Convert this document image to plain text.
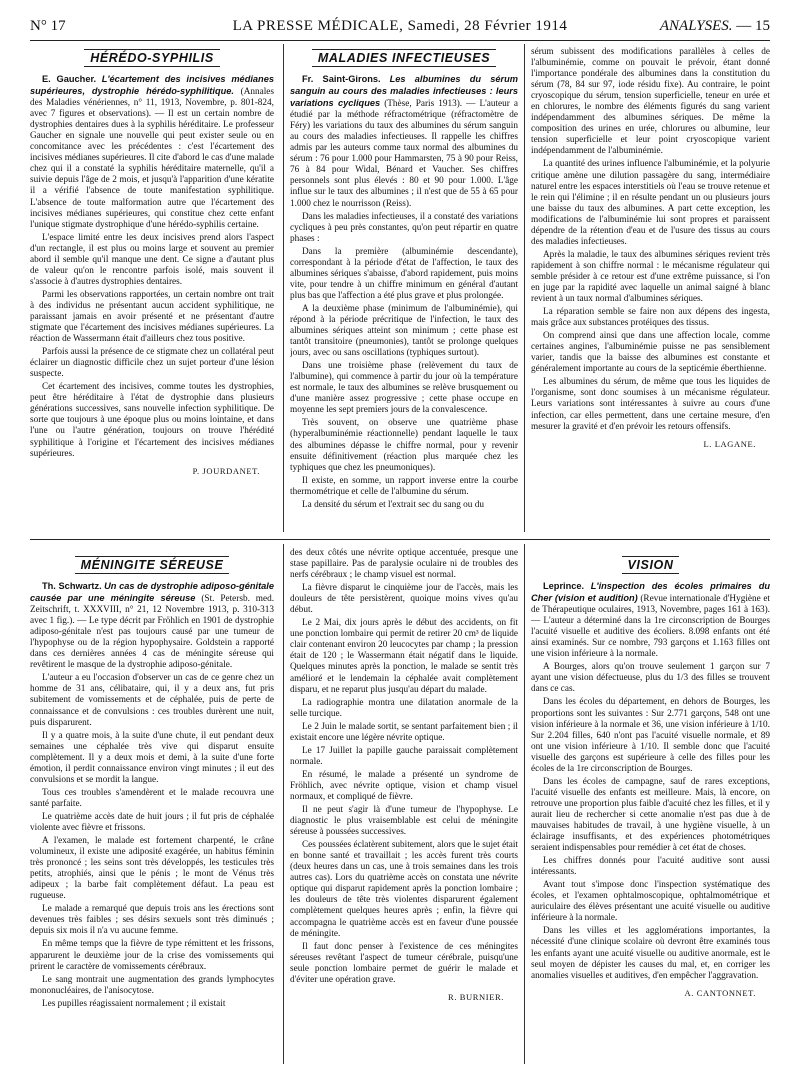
N° 17	LA PRESSE MÉDICALE, Samedi, 28 Février 1914	ANALYSES. — 15
HÉRÉDO-SYPHILIS

E. Gaucher. L'écartement des incisives médianes supérieures, dystrophie hérédo-syphilitique. (Annales des Maladies vénériennes, n° 11, 1913, Novembre, p. 801-824, avec 7 figures et observations). — Il est un certain nombre de dystrophies dentaires dues à la syphilis héréditaire. Le professeur Gaucher en signale une nouvelle qui peut exister seule ou en concomitance avec les précédentes : c'est l'écartement des incisives médianes supérieures. Il cite d'abord le cas d'une malade chez qui il a constaté la syphilis héréditaire maternelle, qu'il a suivie depuis l'âge de 2 mois, et jusqu'à l'apparition d'une kératite il a vérifié l'absence de toute manifestation syphilitique. L'absence de toute malformation autre que l'écartement des incisives médianes supérieures, qui constitue chez cette enfant l'unique stigmate dystrophique d'une hérédo-syphilis certaine.

L'espace limité entre les deux incisives prend alors l'aspect d'un rectangle, il est plus ou moins large et souvent au premier abord il semble qu'il manque une dent. Ce signe a d'autant plus de valeur qu'on le rencontre parfois isolé, mais souvent il s'associe à d'autres dystrophies dentaires.

Parmi les observations rapportées, un certain nombre ont trait à des individus ne présentant aucun accident syphilitique, ne paraissant jamais en avoir présenté et ne présentant d'autre stigmate que l'écartement des incisives médianes supérieures. La réaction de Wassermann était d'ailleurs chez tous positive.

Parfois aussi la présence de ce stigmate chez un collatéral peut éclairer un diagnostic difficile chez un sujet porteur d'une lésion suspecte.

Cet écartement des incisives, comme toutes les dystrophies, peut être héréditaire à l'état de dystrophie dans plusieurs générations successives, sans nouvelle infection syphilitique. De sorte que toujours à une époque plus ou moins lointaine, et dans l'une ou l'autre génération, toujours on trouve l'hérédité syphilitique à l'origine et l'écartement des incisives médianes supérieures.

P. JOURDANET.

MALADIES INFECTIEUSES

Fr. Saint-Girons. Les albumines du sérum sanguin au cours des maladies infectieuses : leurs variations cycliques (Thèse, Paris 1913). — L'auteur a étudié par la méthode réfractométrique (réfractomètre de Féry) les variations du taux des albumines du sérum sanguin au cours des maladies infectieuses. Il rappelle les chiffres admis par les auteurs comme taux normal des albumines du sérum : 76 pour 1.000 pour Hammarsten, 75 à 90 pour Reiss, 76 à 84 pour Widal, Bénard et Vaucher. Ses chiffres personnels sont plus élevés : 80 et 90 pour 1.000. L'âge influe sur le taux des albumines ; il n'est que de 55 à 65 pour 1.000 chez le nourrisson (Reiss).

Dans les maladies infectieuses, il a constaté des variations cycliques à peu près constantes, qu'on peut répartir en quatre phases :

Dans la première (albuminémie descendante), correspondant à la période d'état de l'affection, le taux des albumines sériques s'abaisse, d'abord rapidement, puis moins vite, pour tendre à un chiffre minimum en général d'autant plus bas que l'affection a été plus grave et plus prolongée.

A la deuxième phase (minimum de l'albuminémie), qui répond à la période précritique de l'infection, le taux des albumines sériques atteint son minimum ; cette phase est tantôt transitoire (pneumonies), tantôt se prolonge quelques jours, avec ou sans oscillations (typhiques surtout).

Dans une troisième phase (relèvement du taux de l'albumine), qui commence à partir du jour où la température est normale, le taux des albumines se relève brusquement ou d'une manière assez progressive ; cette phase occupe en moyenne les sept premiers jours de la convalescence.

Très souvent, on observe une quatrième phase (hyperalbuminémie réactionnelle) pendant laquelle le taux des albumines dépasse le chiffre normal, pour y revenir ensuite définitivement (réaction plus marquée chez les typhiques que chez les pneumoniques).

Il existe, en somme, un rapport inverse entre la courbe thermométrique et celle de l'albumine du sérum.

La densité du sérum et l'extrait sec du sang ou du

sérum subissent des modifications parallèles à celles de l'albuminémie, comme on pouvait le prévoir, étant donné l'importance pondérale des albumines dans la constitution du sérum (78, 84 sur 97, iode résidu fixe). Au contraire, le point cryoscopique du sérum, tension superficielle, teneur en urée et en chlorures, le nombre des éléments figurés du sang varient indépendamment des albumines sériques. De même la composition des urines en urée, chlorures ou albumine, leur tension superficielle et leur point cryoscopique varient indépendamment de l'albuminémie.

La quantité des urines influence l'albuminémie, et la polyurie critique amène une dilution passagère du sang, intermédiaire naturel entre les espaces interstitiels où l'eau se trouve retenue et le rein qui l'élimine ; il en résulte pendant un ou plusieurs jours une baisse du taux des albumines. A part cette exception, les modifications de l'albuminémie lui sont propres et paraissent dépendre de la rétention d'eau et de l'usure des tissus au cours des maladies infectieuses.

Après la maladie, le taux des albumines sériques revient très rapidement à son chiffre normal : le mécanisme régulateur qui semble présider à ce retour est d'une extrême puissance, si l'on en juge par la rapidité avec laquelle un animal saigné à blanc revient à un taux normal d'albumines sériques.

La réparation semble se faire non aux dépens des ingesta, mais grâce aux substances protéiques des tissus.

On comprend ainsi que dans une affection locale, comme certaines angines, l'albuminémie puisse ne pas sensiblement varier, tandis que la baisse des albumines est constante et généralement importante au cours de la septicémie éberthienne.

Les albumines du sérum, de même que tous les liquides de l'organisme, sont donc soumises à un mécanisme régulateur. Leurs variations sont intéressantes à suivre au cours d'une infection, car elles permettent, dans une certaine mesure, d'en mesurer la gravité et d'en prévoir les retours offensifs.

L. LAGANE.

MÉNINGITE SÉREUSE

Th. Schwartz. Un cas de dystrophie adiposo-génitale causée par une méningite séreuse (St. Petersb. med. Zeitschrift, t. XXXVIII, n° 21, 12 Novembre 1913, p. 310-313 avec 1 fig.). — Le type décrit par Fröhlich en 1901 de dystrophie adiposo-génitale n'est pas toujours causé par une tumeur de l'hypophyse ou de la région hypophysaire. Goldstein a rapporté dans ces dernières années 4 cas de méningite séreuse qui revêtirent le masque de la dystrophie adiposo-génitale.

L'auteur a eu l'occasion d'observer un cas de ce genre chez un homme de 31 ans, célibataire, qui, il y a deux ans, fut pris subitement de vomissements et de céphalée, puis de perte de connaissance et de convulsions : ces troubles durèrent une nuit, puis disparurent.

Il y a quatre mois, à la suite d'une chute, il eut pendant deux semaines une céphalée très vive qui disparut ensuite complètement. Il y a deux mois et demi, à la suite d'une forte émotion, il perdit connaissance environ vingt minutes ; il eut des convulsions et se mordit la langue.

Tous ces troubles s'amendèrent et le malade recouvra une santé parfaite.

Le quatrième accès date de huit jours ; il fut pris de céphalée violente avec fièvre et frissons.

A l'examen, le malade est fortement charpenté, le crâne volumineux, il existe une adiposité exagérée, un habitus féminin très prononcé ; les seins sont très développés, les testicules très petits, atrophiés, ainsi que le pénis ; le mont de Vénus très adipeux ; la barbe fait complètement défaut. La peau est rugueuse.

Le malade a remarqué que depuis trois ans les érections sont devenues très faibles ; ses désirs sexuels sont très diminués ; depuis six mois il n'a vu aucune femme.

En même temps que la fièvre de type rémittent et les frissons, apparurent le deuxième jour de la crise des vomissements qui prirent le caractère de vomissements cérébraux.

Le sang montrait une augmentation des grands lymphocytes mononucléaires, de l'anisocytose.

Les pupilles réagissaient normalement ; il existait

des deux côtés une névrite optique accentuée, presque une stase papillaire. Pas de paralysie oculaire ni de troubles des nerfs cérébraux ; le champ visuel est normal.

La fièvre disparut le cinquième jour de l'accès, mais les douleurs de tête persistèrent, quoique moins vives qu'au début.

Le 2 Mai, dix jours après le début des accidents, on fit une ponction lombaire qui permit de retirer 20 cm³ de liquide clair contenant environ 20 leucocytes par champ ; la pression était de 120 ; le Wassermann était négatif dans le liquide. Quelques minutes après la ponction, le malade se sentit très amélioré et le lendemain la céphalée avait complètement disparu, et ne reparut plus jusqu'au départ du malade.

La radiographie montra une dilatation anormale de la selle turcique.

Le 2 Juin le malade sortit, se sentant parfaitement bien ; il existait encore une légère névrite optique.

Le 17 Juillet la papille gauche paraissait complètement normale.

En résumé, le malade a présenté un syndrome de Fröhlich, avec névrite optique, vision et champ visuel normaux, et compliqué de fièvre.

Il ne peut s'agir là d'une tumeur de l'hypophyse. Le diagnostic le plus vraisemblable est celui de méningite séreuse à poussées successives.

Ces poussées éclatèrent subitement, alors que le sujet était en bonne santé et travaillait ; les accès furent très courts (deux heures dans un cas, une à trois semaines dans les trois autres cas). Lors du quatrième accès on constata une névrite optique qui disparut rapidement après la ponction lombaire ; les douleurs de tête très violentes disparurent également complètement quelques heures après ; enfin, la fièvre qui accompagna le quatrième accès est en faveur d'une poussée de méningite.

Il faut donc penser à l'existence de ces méningites séreuses revêtant l'aspect de tumeur cérébrale, puisqu'une seule ponction lombaire permet de guérir le malade et d'éviter une opération grave.

R. BURNIER.

VISION

Leprince. L'inspection des écoles primaires du Cher (vision et audition) (Revue internationale d'Hygiène et de Thérapeutique oculaires, 1913, Novembre, pages 161 à 163). — L'auteur a déterminé dans la 1re circonscription de Bourges l'acuité visuelle et auditive des écoliers. 8.098 enfants ont été ainsi examinés. Sur ce nombre, 793 garçons et 1.163 filles ont une vision inférieure à la normale.

A Bourges, alors qu'on trouve seulement 1 garçon sur 7 ayant une vision défectueuse, plus du 1/3 des filles se trouvent dans ce cas.

Dans les écoles du département, en dehors de Bourges, les proportions sont les suivantes : Sur 2.771 garçons, 548 ont une vision inférieure à la normale et 36, une vision inférieure à 1/10. Sur 2.204 filles, 640 n'ont pas l'acuité visuelle normale, et 89 ont une vision inférieure à 1/10. Il semble donc que l'acuité visuelle des garçons est supérieure à celle des filles pour les écoles de la 1re circonscription de Bourges.

Dans les écoles de campagne, sauf de rares exceptions, l'acuité visuelle des enfants est meilleure. Mais, là encore, on retrouve une proportion plus faible d'acuité chez les filles, et il y aurait lieu de rechercher si cette anomalie n'est pas due à de mauvaises habitudes de travail, à une hygiène visuelle, à un éclairage insuffisants, et des expériences photométriques seraient indispensables pour remédier à cet état de choses.

Les chiffres donnés pour l'acuité auditive sont aussi intéressants.

Avant tout s'impose donc l'inspection systématique des écoles, et l'examen ophtalmoscopique, ophtalmométrique et auriculaire des élèves présentant une acuité visuelle ou auditive inférieure à la normale.

Dans les villes et les agglomérations importantes, la nécessité d'une clinique scolaire où devront être examinés tous les enfants ayant une acuité visuelle ou auditive anormale, est le seul moyen de dépister les causes du mal, et, en corriger les anomalies visuelles et auditives, d'en empêcher l'aggravation.

A. CANTONNET.
